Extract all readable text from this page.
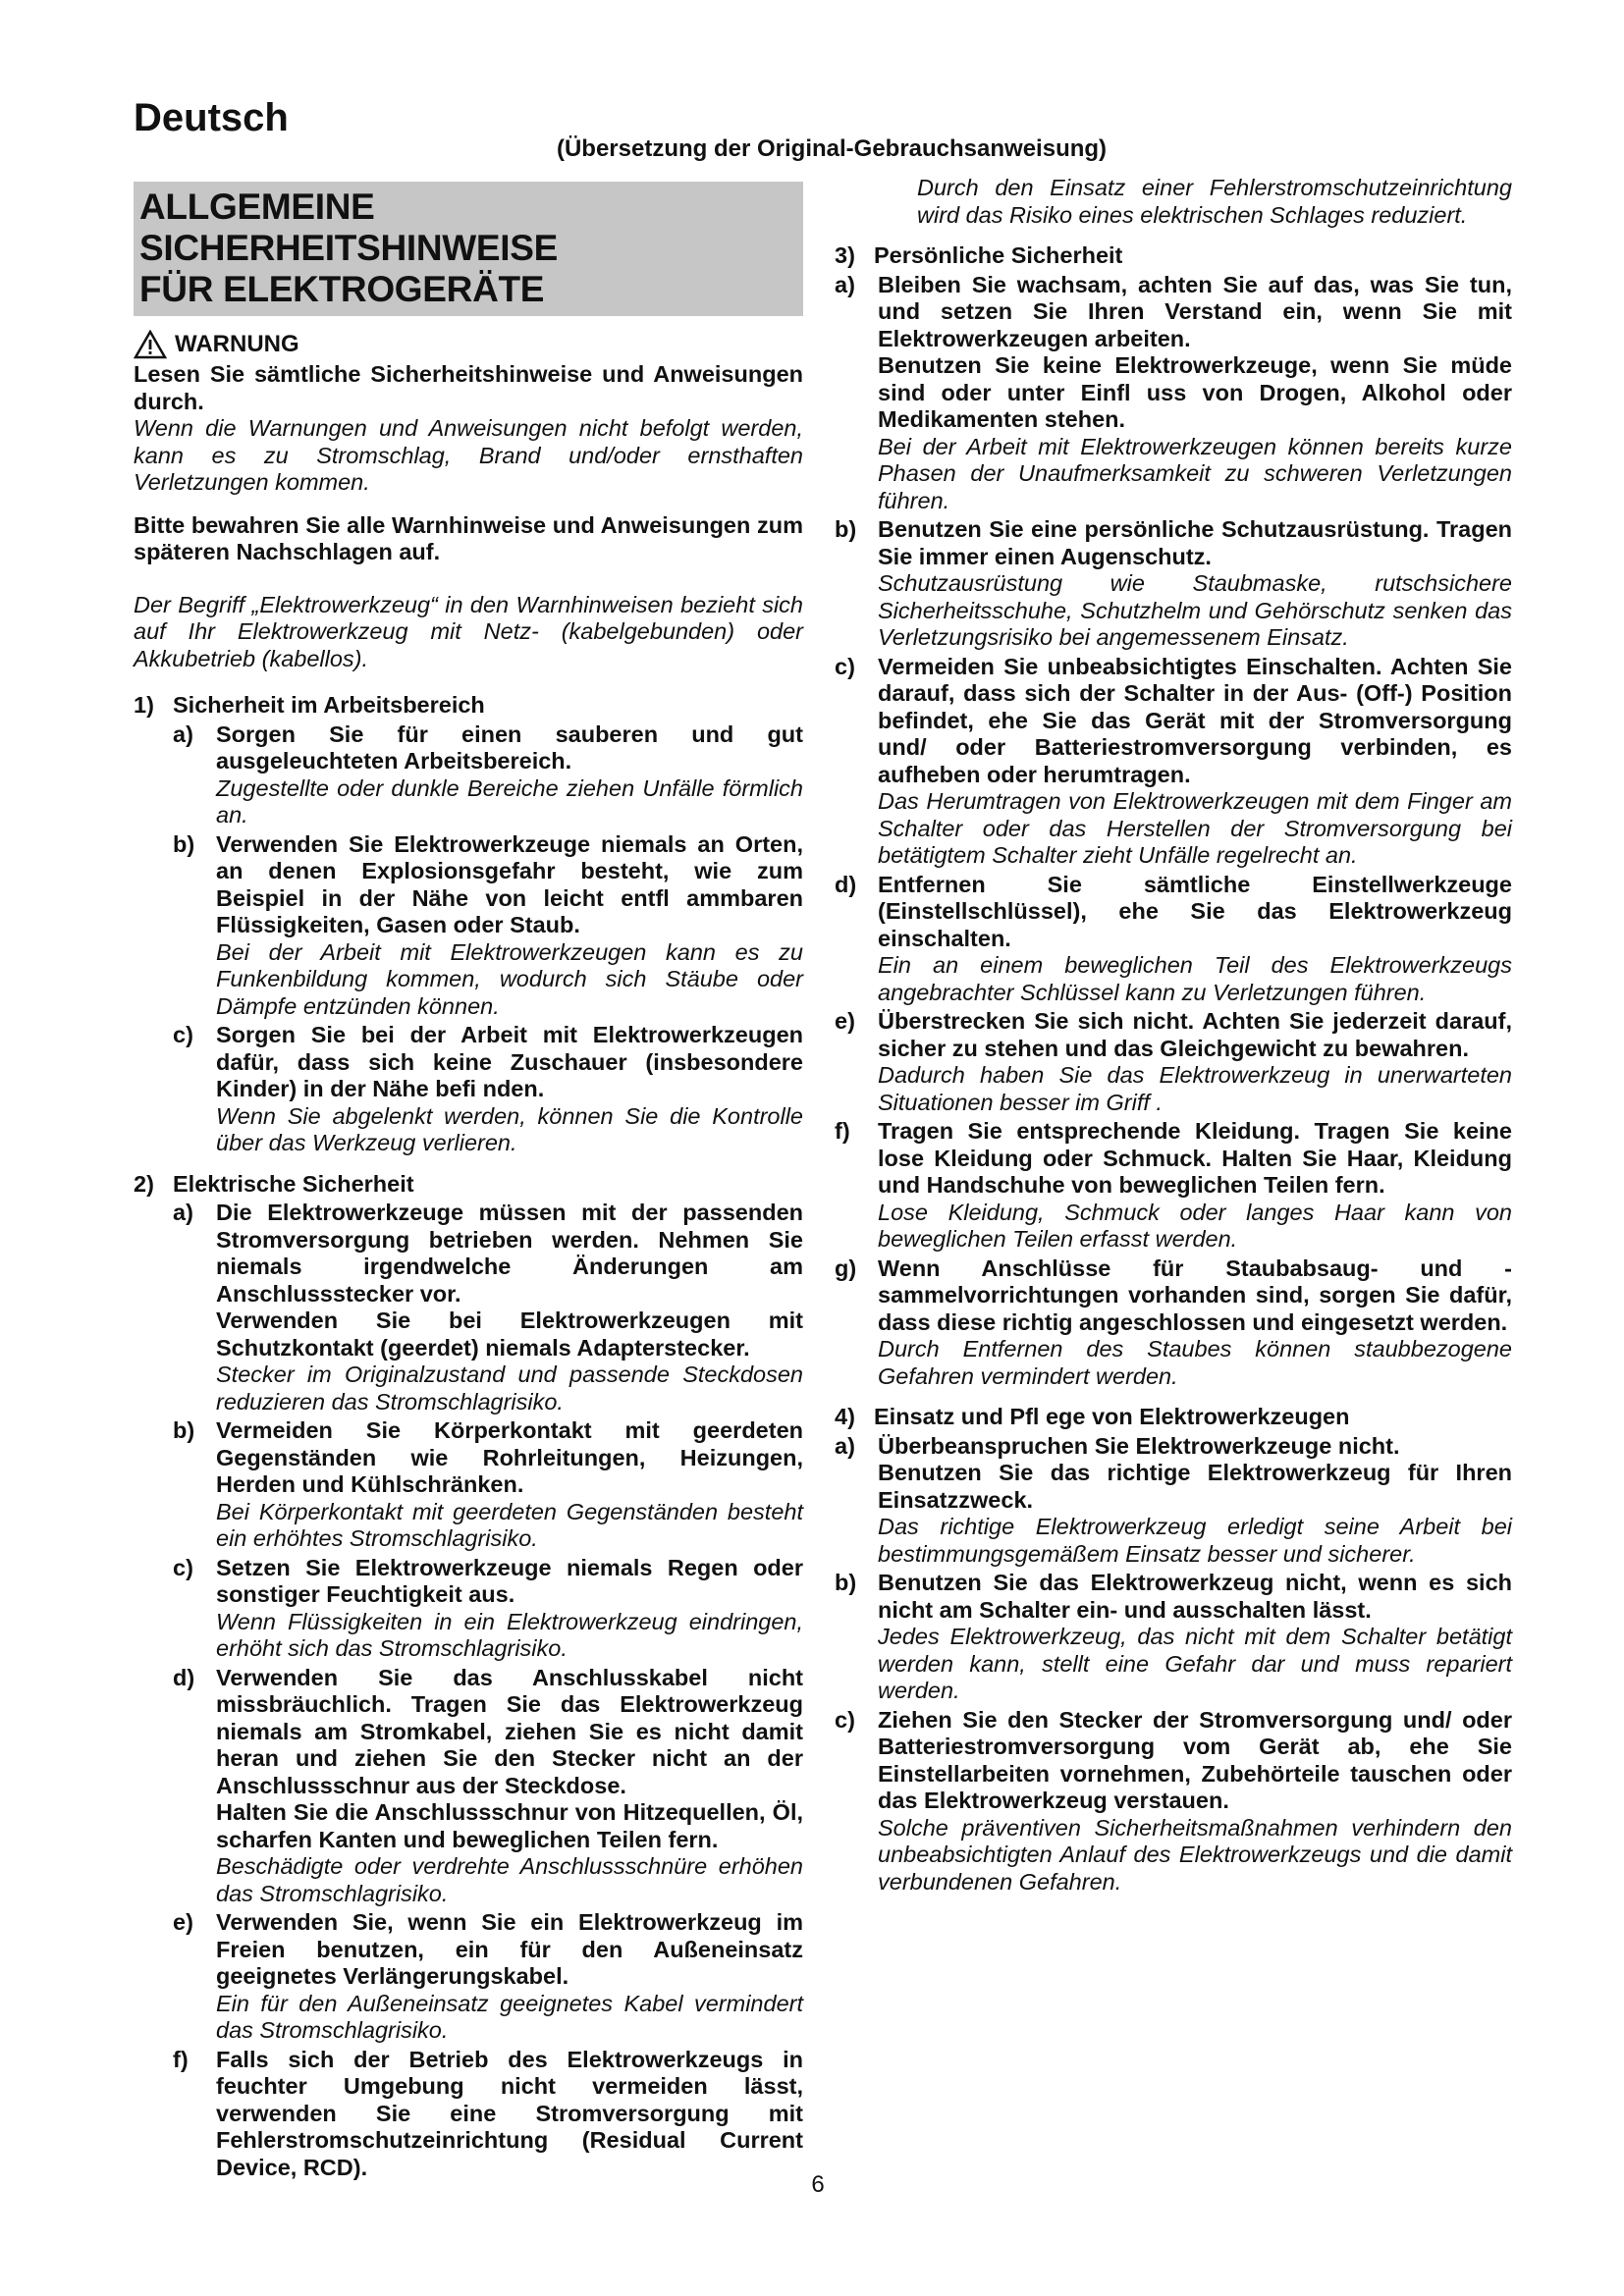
Deutsch
(Übersetzung der Original-Gebrauchsanweisung)
ALLGEMEINE SICHERHEITSHINWEISE
FÜR ELEKTROGERÄTE
WARNUNG

Lesen Sie sämtliche Sicherheitshinweise und Anweisungen durch.

Wenn die Warnungen und Anweisungen nicht befolgt werden, kann es zu Stromschlag, Brand und/oder ernsthaften Verletzungen kommen.

Bitte bewahren Sie alle Warnhinweise und Anweisungen zum späteren Nachschlagen auf.

Der Begriff „Elektrowerkzeug“ in den Warnhinweisen bezieht sich auf Ihr Elektrowerkzeug mit Netz- (kabelgebunden) oder Akkubetrieb (kabellos).

1) Sicherheit im Arbeitsbereich
a) Sorgen Sie für einen sauberen und gut ausgeleuchteten Arbeitsbereich.

Zugestellte oder dunkle Bereiche ziehen Unfälle förmlich an.

b) Verwenden Sie Elektrowerkzeuge niemals an Orten, an denen Explosionsgefahr besteht, wie zum Beispiel in der Nähe von leicht entfl ammbaren Flüssigkeiten, Gasen oder Staub.

Bei der Arbeit mit Elektrowerkzeugen kann es zu Funkenbildung kommen, wodurch sich Stäube oder Dämpfe entzünden können.

c) Sorgen Sie bei der Arbeit mit Elektrowerkzeugen dafür, dass sich keine Zuschauer (insbesondere Kinder) in der Nähe befi nden.

Wenn Sie abgelenkt werden, können Sie die Kontrolle über das Werkzeug verlieren.

2) Elektrische Sicherheit
a) Die Elektrowerkzeuge müssen mit der passenden Stromversorgung betrieben werden. Nehmen Sie niemals irgendwelche Änderungen am Anschlussstecker vor.

Verwenden Sie bei Elektrowerkzeugen mit Schutzkontakt (geerdet) niemals Adapterstecker.

Stecker im Originalzustand und passende Steckdosen reduzieren das Stromschlagrisiko.

b) Vermeiden Sie Körperkontakt mit geerdeten Gegenständen wie Rohrleitungen, Heizungen, Herden und Kühlschränken.

Bei Körperkontakt mit geerdeten Gegenständen besteht ein erhöhtes Stromschlagrisiko.

c) Setzen Sie Elektrowerkzeuge niemals Regen oder sonstiger Feuchtigkeit aus.

Wenn Flüssigkeiten in ein Elektrowerkzeug eindringen, erhöht sich das Stromschlagrisiko.

d) Verwenden Sie das Anschlusskabel nicht missbräuchlich. Tragen Sie das Elektrowerkzeug niemals am Stromkabel, ziehen Sie es nicht damit heran und ziehen Sie den Stecker nicht an der Anschlussschnur aus der Steckdose.

Halten Sie die Anschlussschnur von Hitzequellen, Öl, scharfen Kanten und beweglichen Teilen fern.

Beschädigte oder verdrehte Anschlussschnüre erhöhen das Stromschlagrisiko.

e) Verwenden Sie, wenn Sie ein Elektrowerkzeug im Freien benutzen, ein für den Außeneinsatz geeignetes Verlängerungskabel.

Ein für den Außeneinsatz geeignetes Kabel vermindert das Stromschlagrisiko.

f)	Falls sich der Betrieb des Elektrowerkzeugs in feuchter Umgebung nicht vermeiden lässt, verwenden Sie eine Stromversorgung mit Fehlerstromschutzeinrichtung (Residual Current Device, RCD).

Durch den Einsatz einer Fehlerstromschutzeinrichtung wird das Risiko eines elektrischen Schlages reduziert.

3) Persönliche Sicherheit
a) Bleiben Sie wachsam, achten Sie auf das, was Sie tun, und setzen Sie Ihren Verstand ein, wenn Sie mit Elektrowerkzeugen arbeiten.

Benutzen Sie keine Elektrowerkzeuge, wenn Sie müde sind oder unter Einfl uss von Drogen, Alkohol oder Medikamenten stehen.

Bei der Arbeit mit Elektrowerkzeugen können bereits kurze Phasen der Unaufmerksamkeit zu schweren Verletzungen führen.

b) Benutzen Sie eine persönliche Schutzausrüstung. Tragen Sie immer einen Augenschutz.

Schutzausrüstung wie Staubmaske, rutschsichere Sicherheitsschuhe, Schutzhelm und Gehörschutz senken das Verletzungsrisiko bei angemessenem Einsatz.

c) Vermeiden Sie unbeabsichtigtes Einschalten. Achten Sie darauf, dass sich der Schalter in der Aus- (Off-) Position befindet, ehe Sie das Gerät mit der Stromversorgung und/ oder Batteriestromversorgung verbinden, es aufheben oder herumtragen.

Das Herumtragen von Elektrowerkzeugen mit dem Finger am Schalter oder das Herstellen der Stromversorgung bei betätigtem Schalter zieht Unfälle regelrecht an.

d) Entfernen Sie sämtliche Einstellwerkzeuge (Einstellschlüssel), ehe Sie das Elektrowerkzeug einschalten.

Ein an einem beweglichen Teil des Elektrowerkzeugs angebrachter Schlüssel kann zu Verletzungen führen.

e) Überstrecken Sie sich nicht. Achten Sie jederzeit darauf, sicher zu stehen und das Gleichgewicht zu bewahren.

Dadurch haben Sie das Elektrowerkzeug in unerwarteten Situationen besser im Griff .

f)	Tragen Sie entsprechende Kleidung. Tragen Sie keine lose Kleidung oder Schmuck. Halten Sie Haar, Kleidung und Handschuhe von beweglichen Teilen fern.

Lose Kleidung, Schmuck oder langes Haar kann von beweglichen Teilen erfasst werden.

g) Wenn Anschlüsse für Staubabsaug- und -sammelvorrichtungen vorhanden sind, sorgen Sie dafür, dass diese richtig angeschlossen und eingesetzt werden.

Durch Entfernen des Staubes können staubbezogene Gefahren vermindert werden.

4) Einsatz und Pfl ege von Elektrowerkzeugen
a) Überbeanspruchen Sie Elektrowerkzeuge nicht.

Benutzen Sie das richtige Elektrowerkzeug für Ihren Einsatzzweck.

Das richtige Elektrowerkzeug erledigt seine Arbeit bei bestimmungsgemäßem Einsatz besser und sicherer.

b) Benutzen Sie das Elektrowerkzeug nicht, wenn es sich nicht am Schalter ein- und ausschalten lässt.

Jedes Elektrowerkzeug, das nicht mit dem Schalter betätigt werden kann, stellt eine Gefahr dar und muss repariert werden.

c) Ziehen Sie den Stecker der Stromversorgung und/ oder Batteriestromversorgung vom Gerät ab, ehe Sie Einstellarbeiten vornehmen, Zubehörteile tauschen oder das Elektrowerkzeug verstauen.

Solche präventiven Sicherheitsmaßnahmen verhindern den unbeabsichtigten Anlauf des Elektrowerkzeugs und die damit verbundenen Gefahren.

6
